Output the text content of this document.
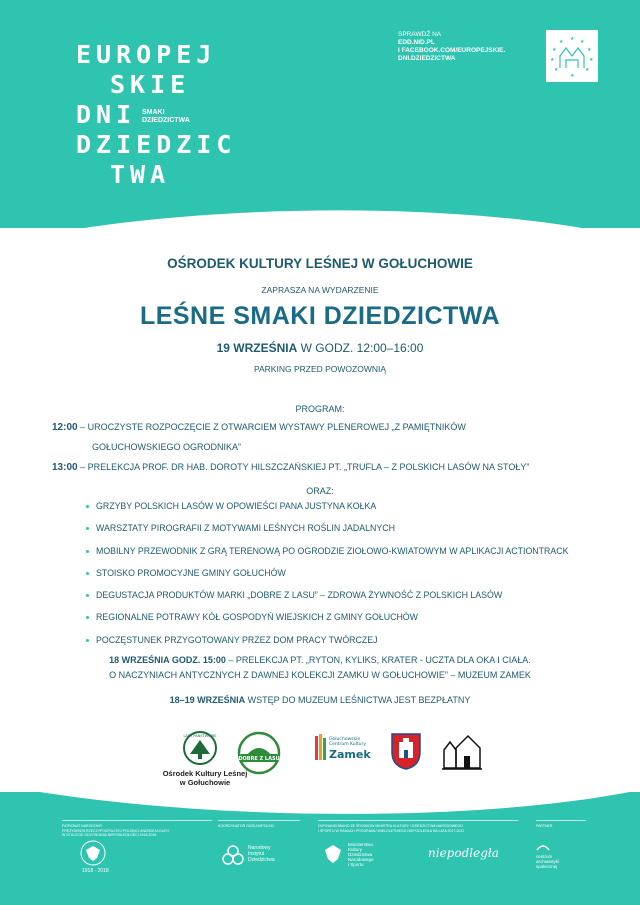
EUROPEJ
SKIE
DNI
DZIEDZIC
TWA
SMAKI
DZIEDZICTWA
SPRAWDŹ NA
EDD.NID.PL
I FACEBOOK.COM/EUROPEJSKIE.
DNI.DZIEDZICTWA
★ ★
★
★
★
★
★
★
★
★
OŚRODEK KULTURY LEŚNEJ W GOŁUCHOWIE
ZAPRASZA NA WYDARZENIE
LEŚNE SMAKI DZIEDZICTWA
19 WRZEŚNIA W GODZ. 12:00–16:00
PARKING PRZED POWOZOWNIĄ
PROGRAM:
12:00 – UROCZYSTE ROZPOCZĘCIE Z OTWARCIEM WYSTAWY PLENEROWEJ „Z PAMIĘTNIKÓW
GOŁUCHOWSKIEGO OGRODNIKA”
13:00 – PRELEKCJA PROF. DR HAB. DOROTY HILSZCZAŃSKIEJ PT. „TRUFLA – Z POLSKICH LASÓW NA STOŁY”
ORAZ:
GRZYBY POLSKICH LASÓW W OPOWIEŚCI PANA JUSTYNA KOŁKA
WARSZTATY PIROGRAFII Z MOTYWAMI LEŚNYCH ROŚLIN JADALNYCH
MOBILNY PRZEWODNIK Z GRĄ TERENOWĄ PO OGRODZIE ZIOŁOWO-KWIATOWYM W APLIKACJI ACTIONTRACK
STOISKO PROMOCYJNE GMINY GOŁUCHÓW
DEGUSTACJA PRODUKTÓW MARKI „DOBRE Z LASU” – ZDROWA ŻYWNOŚĆ Z POLSKICH LASÓW
REGIONALNE POTRAWY KÓŁ GOSPODYŃ WIEJSKICH Z GMINY GOŁUCHÓW
POCZĘSTUNEK PRZYGOTOWANY PRZEZ DOM PRACY TWÓRCZEJ
18 WRZEŚNIA GODZ. 15:00 – PRELEKCJA PT. „RYTON, KYLIKS, KRATER - UCZTA DLA OKA I CIAŁA.
O NACZYNIACH ANTYCZNYCH Z DAWNEJ KOLEKCJI ZAMKU W GOŁUCHOWIE” – MUZEUM ZAMEK
18–19 WRZEŚNIA WSTĘP DO MUZEUM LEŚNICTWA JEST BEZPŁATNY
LASY PAŃSTWOWE
Ośrodek Kultury Leśnej
w Gołuchowie
DOBRE Z LASU
Gołuchowskie
Centrum Kultury
Zamek
PATRONAT NARODOWY
PREZYDENTA RZECZYPOSPOLITEJ POLSKIEJ ANDRZEJA DUDY
W STULECIE ODZYSKANIA NIEPODLEGŁOŚCI 1918-2018
1918 · 2018
KOORDYNATOR OGÓLNOPOLSKI
Narodowy
Instytut
Dziedzictwa
DOFINANSOWANO ZE ŚRODKÓW MINISTRA KULTURY I DZIEDZICTWA NARODOWEGO
I SPORTU W RAMACH PROGRAMU WIELOLETNIEGO NIEPODLEGŁA NA LATA 2017-2022
Ministerstwo
Kultury
Dziedzictwa
Narodowego
i Sportu
niepodległa
PARTNER
centrum
archiwistyki
społecznej
